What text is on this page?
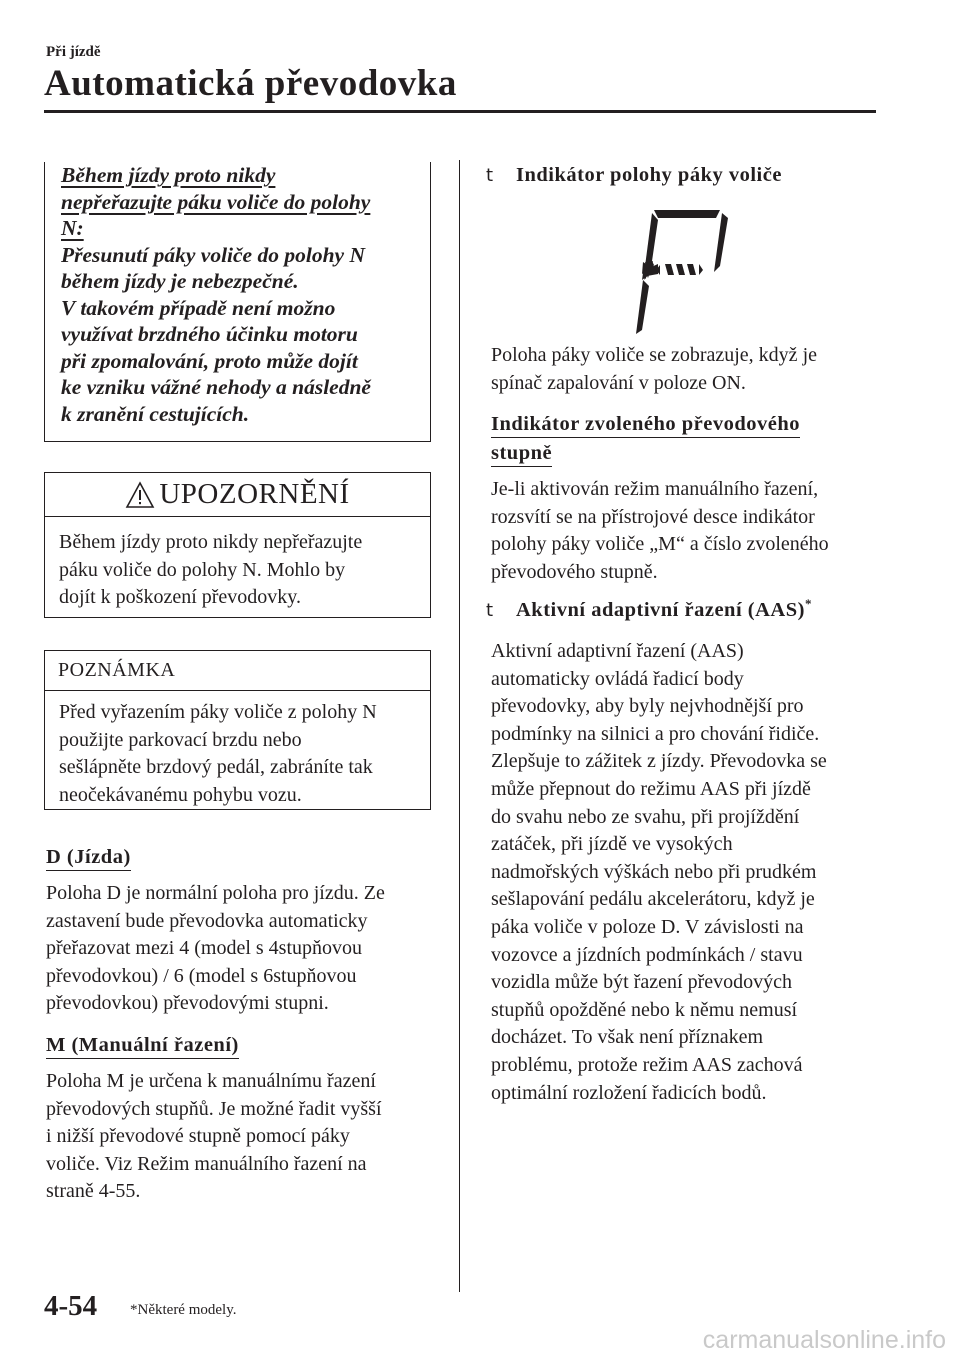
Při jízdě
Automatická převodovka
Během jízdy proto nikdy
nepřeřazujte páku voliče do polohy
N:
Přesunutí páky voliče do polohy N
během jízdy je nebezpečné.
V takovém případě není možno
využívat brzdného účinku motoru
při zpomalování, proto může dojít
ke vzniku vážné nehody a následně
k zranění cestujících.
UPOZORNĚNÍ
Během jízdy proto nikdy nepřeřazujte
páku voliče do polohy N. Mohlo by
dojít k poškození převodovky.
POZNÁMKA
Před vyřazením páky voliče z polohy N
použijte parkovací brzdu nebo
sešlápněte brzdový pedál, zabráníte tak
neočekávanému pohybu vozu.
D (Jízda)
Poloha D je normální poloha pro jízdu. Ze
zastavení bude převodovka automaticky
přeřazovat mezi 4 (model s 4stupňovou
převodovkou) / 6 (model s 6stupňovou
převodovkou) převodovými stupni.
M (Manuální řazení)
Poloha M je určena k manuálnímu řazení
převodových stupňů. Je možné řadit vyšší
i nižší převodové stupně pomocí páky
voliče. Viz Režim manuálního řazení na
straně 4-55.
t Indikátor polohy páky voliče
Poloha páky voliče se zobrazuje, když je
spínač zapalování v poloze ON.
Indikátor zvoleného převodového
stupně
Je-li aktivován režim manuálního řazení,
rozsvítí se na přístrojové desce indikátor
polohy páky voliče „M“ a číslo zvoleného
převodového stupně.
t Aktivní adaptivní řazení (AAS)*
Aktivní adaptivní řazení (AAS)
automaticky ovládá řadicí body
převodovky, aby byly nejvhodnější pro
podmínky na silnici a pro chování řidiče.
Zlepšuje to zážitek z jízdy. Převodovka se
může přepnout do režimu AAS při jízdě
do svahu nebo ze svahu, při projíždění
zatáček, při jízdě ve vysokých
nadmořských výškách nebo při prudkém
sešlapování pedálu akcelerátoru, když je
páka voliče v poloze D. V závislosti na
vozovce a jízdních podmínkách / stavu
vozidla může být řazení převodových
stupňů opožděné nebo k němu nemusí
docházet. To však není příznakem
problému, protože režim AAS zachová
optimální rozložení řadicích bodů.
4-54 *Některé modely.
carmanualsonline.info
